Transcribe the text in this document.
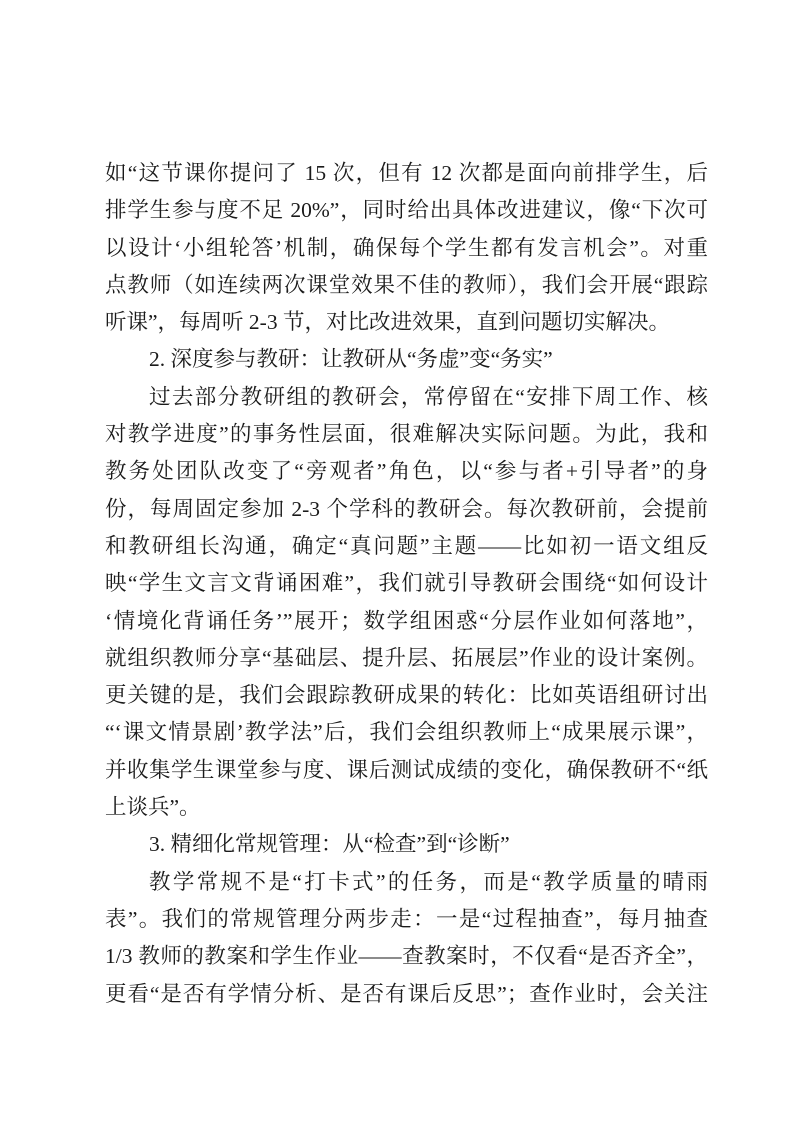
如“这节课你提问了 15 次，但有 12 次都是面向前排学生，后
排学生参与度不足 20%”，同时给出具体改进建议，像“下次可
以设计‘小组轮答’机制，确保每个学生都有发言机会”。对重
点教师（如连续两次课堂效果不佳的教师），我们会开展“跟踪
听课”，每周听 2-3 节，对比改进效果，直到问题切实解决。
2. 深度参与教研：让教研从“务虚”变“务实”
过去部分教研组的教研会，常停留在“安排下周工作、核
对教学进度”的事务性层面，很难解决实际问题。为此，我和
教务处团队改变了“旁观者”角色，以“参与者+引导者”的身
份，每周固定参加 2-3 个学科的教研会。每次教研前，会提前
和教研组长沟通，确定“真问题”主题——比如初一语文组反
映“学生文言文背诵困难”，我们就引导教研会围绕“如何设计
‘情境化背诵任务’”展开；数学组困惑“分层作业如何落地”，
就组织教师分享“基础层、提升层、拓展层”作业的设计案例。
更关键的是，我们会跟踪教研成果的转化：比如英语组研讨出
“‘课文情景剧’教学法”后，我们会组织教师上“成果展示课”，
并收集学生课堂参与度、课后测试成绩的变化，确保教研不“纸
上谈兵”。
3. 精细化常规管理：从“检查”到“诊断”
教学常规不是“打卡式”的任务，而是“教学质量的晴雨
表”。我们的常规管理分两步走：一是“过程抽查”，每月抽查
1/3 教师的教案和学生作业——查教案时，不仅看“是否齐全”，
更看“是否有学情分析、是否有课后反思”；查作业时，会关注
